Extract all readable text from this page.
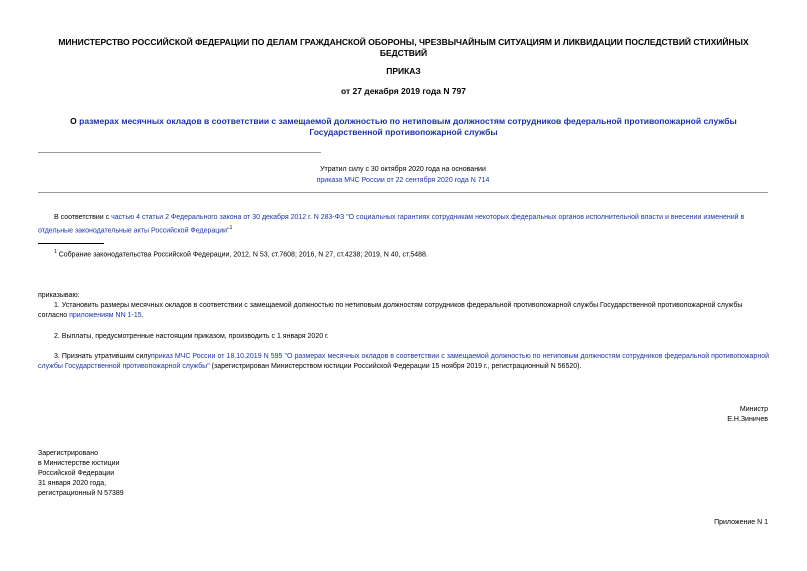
МИНИСТЕРСТВО РОССИЙСКОЙ ФЕДЕРАЦИИ ПО ДЕЛАМ ГРАЖДАНСКОЙ ОБОРОНЫ, ЧРЕЗВЫЧАЙНЫМ СИТУАЦИЯМ И ЛИКВИДАЦИИ ПОСЛЕДСТВИЙ СТИХИЙНЫХ БЕДСТВИЙ
ПРИКАЗ
от 27 декабря 2019 года N 797
О размерах месячных окладов в соответствии с замещаемой должностью по нетиповым должностям сотрудников федеральной противопожарной службы Государственной противопожарной службы
Утратил силу с 30 октября 2020 года на основании
приказа МЧС России от 22 сентября 2020 года N 714
В соответствии с частью 4 статьи 2 Федерального закона от 30 декабря 2012 г. N 283-ФЗ "О социальных гарантиях сотрудникам некоторых федеральных органов исполнительной власти и внесении изменений в отдельные законодательные акты Российской Федерации"$^1$
$^1$ Собрание законодательства Российской Федерации, 2012, N 53, ст.7608; 2016, N 27, ст.4238; 2019, N 40, ст.5488.
приказываю:
1. Установить размеры месячных окладов в соответствии с замещаемой должностью по нетиповым должностям сотрудников федеральной противопожарной службы Государственной противопожарной службы согласно приложениям NN 1-15.
2. Выплаты, предусмотренные настоящим приказом, производить с 1 января 2020 г.
3. Признать утратившим силуприказ МЧС России от 18.10.2019 N 595 "О размерах месячных окладов в соответствии с замещаемой должностью по нетиповым должностям сотрудников федеральной противопожарной службы Государственной противопожарной службы" (зарегистрирован Министерством юстиции Российской Федерации 15 ноября 2019 г., регистрационный N 56520).
Министр
Е.Н.Зиничев

Зарегистрировано

в Министерстве юстиции

Российской Федерации

31 января 2020 года,

регистрационный N 57389

Приложение N 1
